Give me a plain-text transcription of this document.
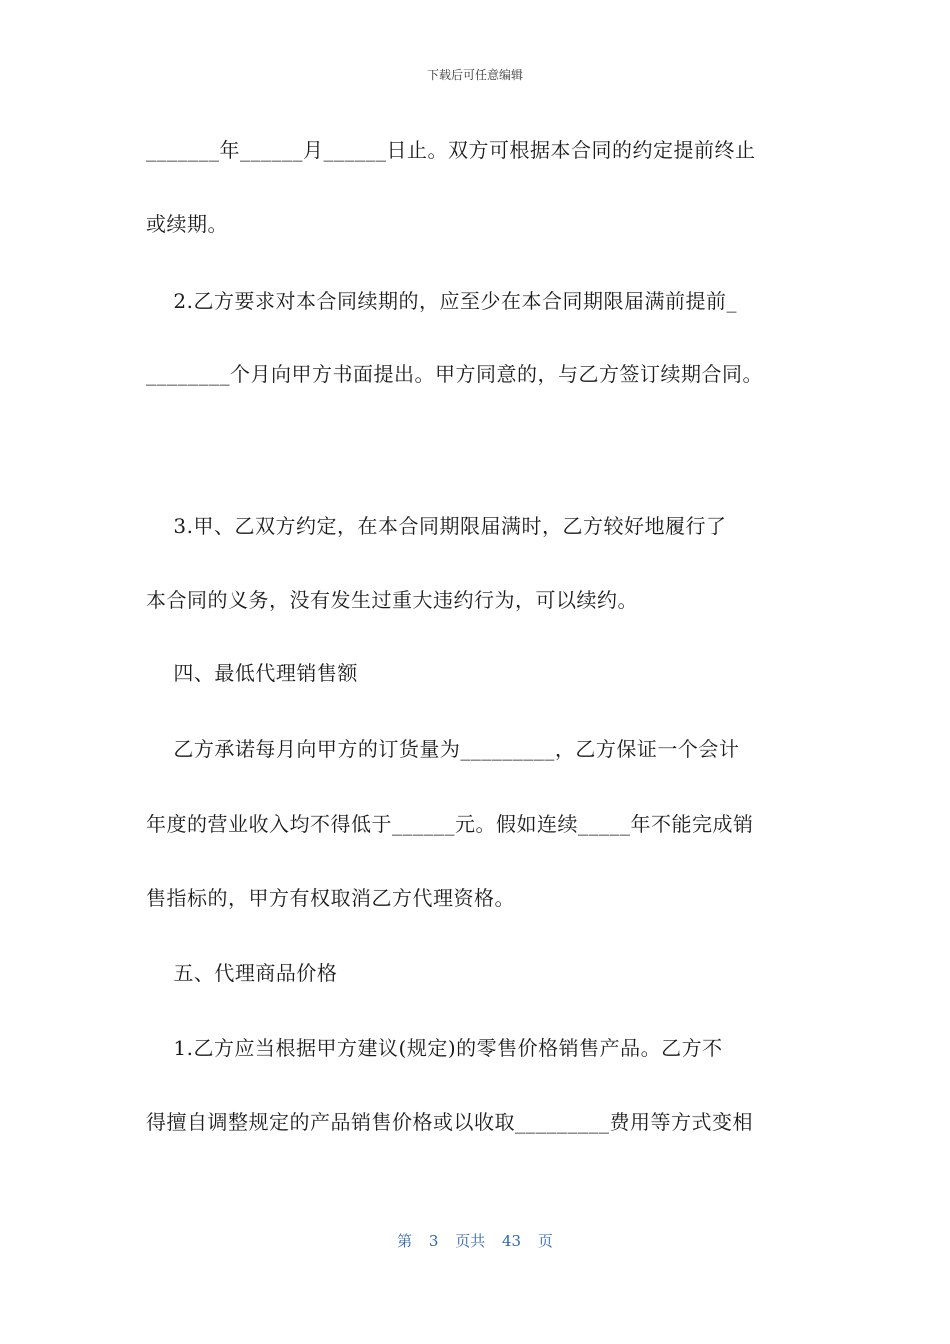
下载后可任意编辑
_______年______月______日止。双方可根据本合同的约定提前终止
或续期。
2.乙方要求对本合同续期的，应至少在本合同期限届满前提前_
________个月向甲方书面提出。甲方同意的，与乙方签订续期合同。
3.甲、乙双方约定，在本合同期限届满时，乙方较好地履行了
本合同的义务，没有发生过重大违约行为，可以续约。
四、最低代理销售额
乙方承诺每月向甲方的订货量为_________，乙方保证一个会计
年度的营业收入均不得低于______元。假如连续_____年不能完成销
售指标的，甲方有权取消乙方代理资格。
五、代理商品价格
1.乙方应当根据甲方建议(规定)的零售价格销售产品。乙方不
得擅自调整规定的产品销售价格或以收取_________费用等方式变相
第 3 页共 43 页
